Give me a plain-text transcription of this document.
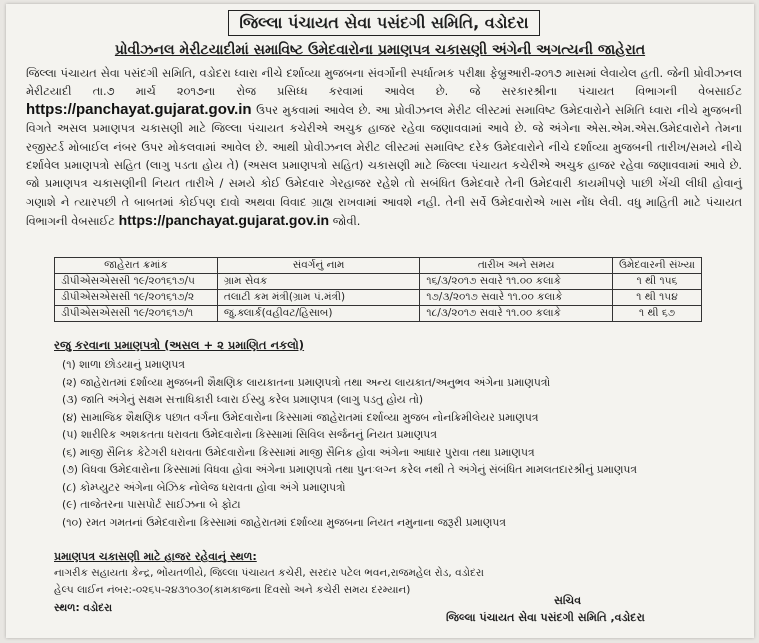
જિલ્લા પંચાયત સેવા પસંદગી સમિતિ, વડોદરા
પ્રોવીઝનલ મેરીટયાદીમાં સમાવિષ્ટ ઉમેદવારોના પ્રમાણપત્ર ચકાસણી અંગેની અગત્યની જાહેરાત

જિલ્લા પંચાયત સેવા પસંદગી સમિતિ, વડોદરા ધ્વારા નીચે દર્શાવ્યા મુજબના સંવર્ગોની સ્પર્ધાત્મક પરીક્ષા ફેબ્રુઆરી-૨૦૧૭ માસમાં લેવાયેલ હતી. જેની પ્રોવીઝનલ મેરીટયાદી તા.૭ માર્ચ ૨૦૧૭ના રોજ પ્રસિધ્ધ કરવામાં આવેલ છે. જે સરકારશ્રીના પંચાયત વિભાગની વેબસાઈટ https://panchayat.gujarat.gov.in ઉપર મુકવામાં આવેલ છે. આ પ્રોવીઝનલ મેરીટ લીસ્ટમાં સમાવિષ્ટ ઉમેદવારોને સમિતિ ધ્વારા નીચે મુજબની વિગતે અસલ પ્રમાણપત્ર ચકાસણી માટે જિલ્લા પંચાયત કચેરીએ અચુક હાજર રહેવા જણાવવામાં આવે છે. જે અંગેના એસ.એમ.એસ.ઉમેદવારોને તેમના રજીસ્ટર્ડ મોબાઈલ નંબર ઉપર મોકલવામાં આવેલ છે. આથી પ્રોવીઝનલ મેરીટ લીસ્ટમાં સમાવિષ્ટ દરેક ઉમેદવારોને નીચે દર્શાવ્યા મુજબની તારીખ/સમયે નીચે દર્શાવેલ પ્રમાણપત્રો સહિત (લાગુ પડતા હોય તે) (અસલ પ્રમાણપત્રો સહિત) ચકાસણી માટે જિલ્લા પંચાયત કચેરીએ અચુક હાજર રહેવા જણાવવામાં આવે છે. જો પ્રમાણપત્ર ચકાસણીની નિયત તારીખે / સમયે કોઈ ઉમેદવાર ગેરહાજર રહેશે તો સબંધિત ઉમેદવારે તેની ઉમેદવારી કાયમીપણે પાછી ખેંચી લીધી હોવાનું ગણાશે ને ત્યારપછી તે બાબતમાં કોઈપણ દાવો અથવા વિવાદ ગ્રાહ્ય રાખવામાં આવશે નહી. તેની સર્વે ઉમેદવારોએ ખાસ નોંધ લેવી. વધુ માહિતી માટે પંચાયત વિભાગની વેબસાઈટ https://panchayat.gujarat.gov.in જોવી.

જાહેરાત ક્રમાંક	સંવર્ગનું નામ	તારીખ અને સમય	ઉમેદવારની સંખ્યા
ડીપીએસએસસી ૧૯/૨૦૧૬૧૭/૫	ગ્રામ સેવક	૧૬/૩/૨૦૧૭ સવારે ૧૧.૦૦ કલાકે	૧ થી ૧૫૬
ડીપીએસએસસી ૧૯/૨૦૧૬૧૭/૨	તલાટી કમ મંત્રી(ગ્રામ પં.મંત્રી)	૧૭/૩/૨૦૧૭ સવારે ૧૧.૦૦ કલાકે	૧ થી ૧૫૪
ડીપીએસએસસી ૧૯/૨૦૧૬૧૭/૧	જુ.ક્લાર્ક(વહીવટ/હિસાબ)	૧૮/૩/૨૦૧૭ સવારે ૧૧.૦૦ કલાકે	૧ થી ૬૭
રજુ કરવાના પ્રમાણપત્રો (અસલ + ૨ પ્રમાણિત નકલો)
(૧) શાળા છોડયાનું પ્રમાણપત્ર
(૨) જાહેરાતમાં દર્શાવ્યા મુજબની શૈક્ષણિક લાયકાતના પ્રમાણપત્રો તથા અન્ય લાયકાત/અનુભવ અંગેના પ્રમાણપત્રો
(૩) જાતિ અંગેનું સક્ષમ સત્તાધિકારી ધ્વારા ઈસ્યુ કરેલ પ્રમાણપત્ર (લાગુ પડતુ હોય તો)
(૪) સામાજિક શૈક્ષણિક પછાત વર્ગના ઉમેદવારોના કિસ્સામાં જાહેરાતમાં દર્શાવ્યા મુજબ નોનક્રિમીલેયર પ્રમાણપત્ર
(૫) શારીરિક અશકતતા ધરાવતા ઉમેદવારોના કિસ્સામાં સિવિલ સર્જનનું નિયત પ્રમાણપત્ર
(૬) માજી સૈનિક કેટેગરી ધરાવતા ઉમેદવારોના કિસ્સામાં માજી સૈનિક હોવા અંગેના આધાર પુરાવા તથા પ્રમાણપત્ર
(૭) વિધવા ઉમેદવારોના કિસ્સામાં વિધવા હોવા અંગેના પ્રમાણપત્રો તથા પુનઃલગ્ન કરેલ નથી તે અંગેનું સંબંધિત મામલતદારશ્રીનું પ્રમાણપત્ર
(૮) કોમ્પ્યુટર અંગેના બેઝિક નોલેજ ધરાવતા હોવા અંગે પ્રમાણપત્રો
(૯) તાજેતરના પાસપોર્ટ સાઈઝના બે ફોટા
(૧૦) રમત ગમતનાં ઉમેદવારોના કિસ્સામાં જાહેરાતમાં દર્શાવ્યા મુજબના નિયત નમુનાના જરૂરી પ્રમાણપત્ર
પ્રમાણપત્ર ચકાસણી માટે હાજર રહેવાનું સ્થળ:
નાગરીક સહાયતા કેન્દ્ર, ભોંયતળીયે, જિલ્લા પંચાયત કચેરી, સરદાર પટેલ ભવન,રાજમહેલ રોડ, વડોદરા
હેલ્પ લાઈન નંબર:-૦૨૬૫-૨૪૩૧૦૩૦(કામકાજના દિવસો અને કચેરી સમય દરમ્યાન)
સ્થળ: વડોદરા
સચિવ
જિલ્લા પંચાયત સેવા પસંદગી સમિતિ ,વડોદરા
